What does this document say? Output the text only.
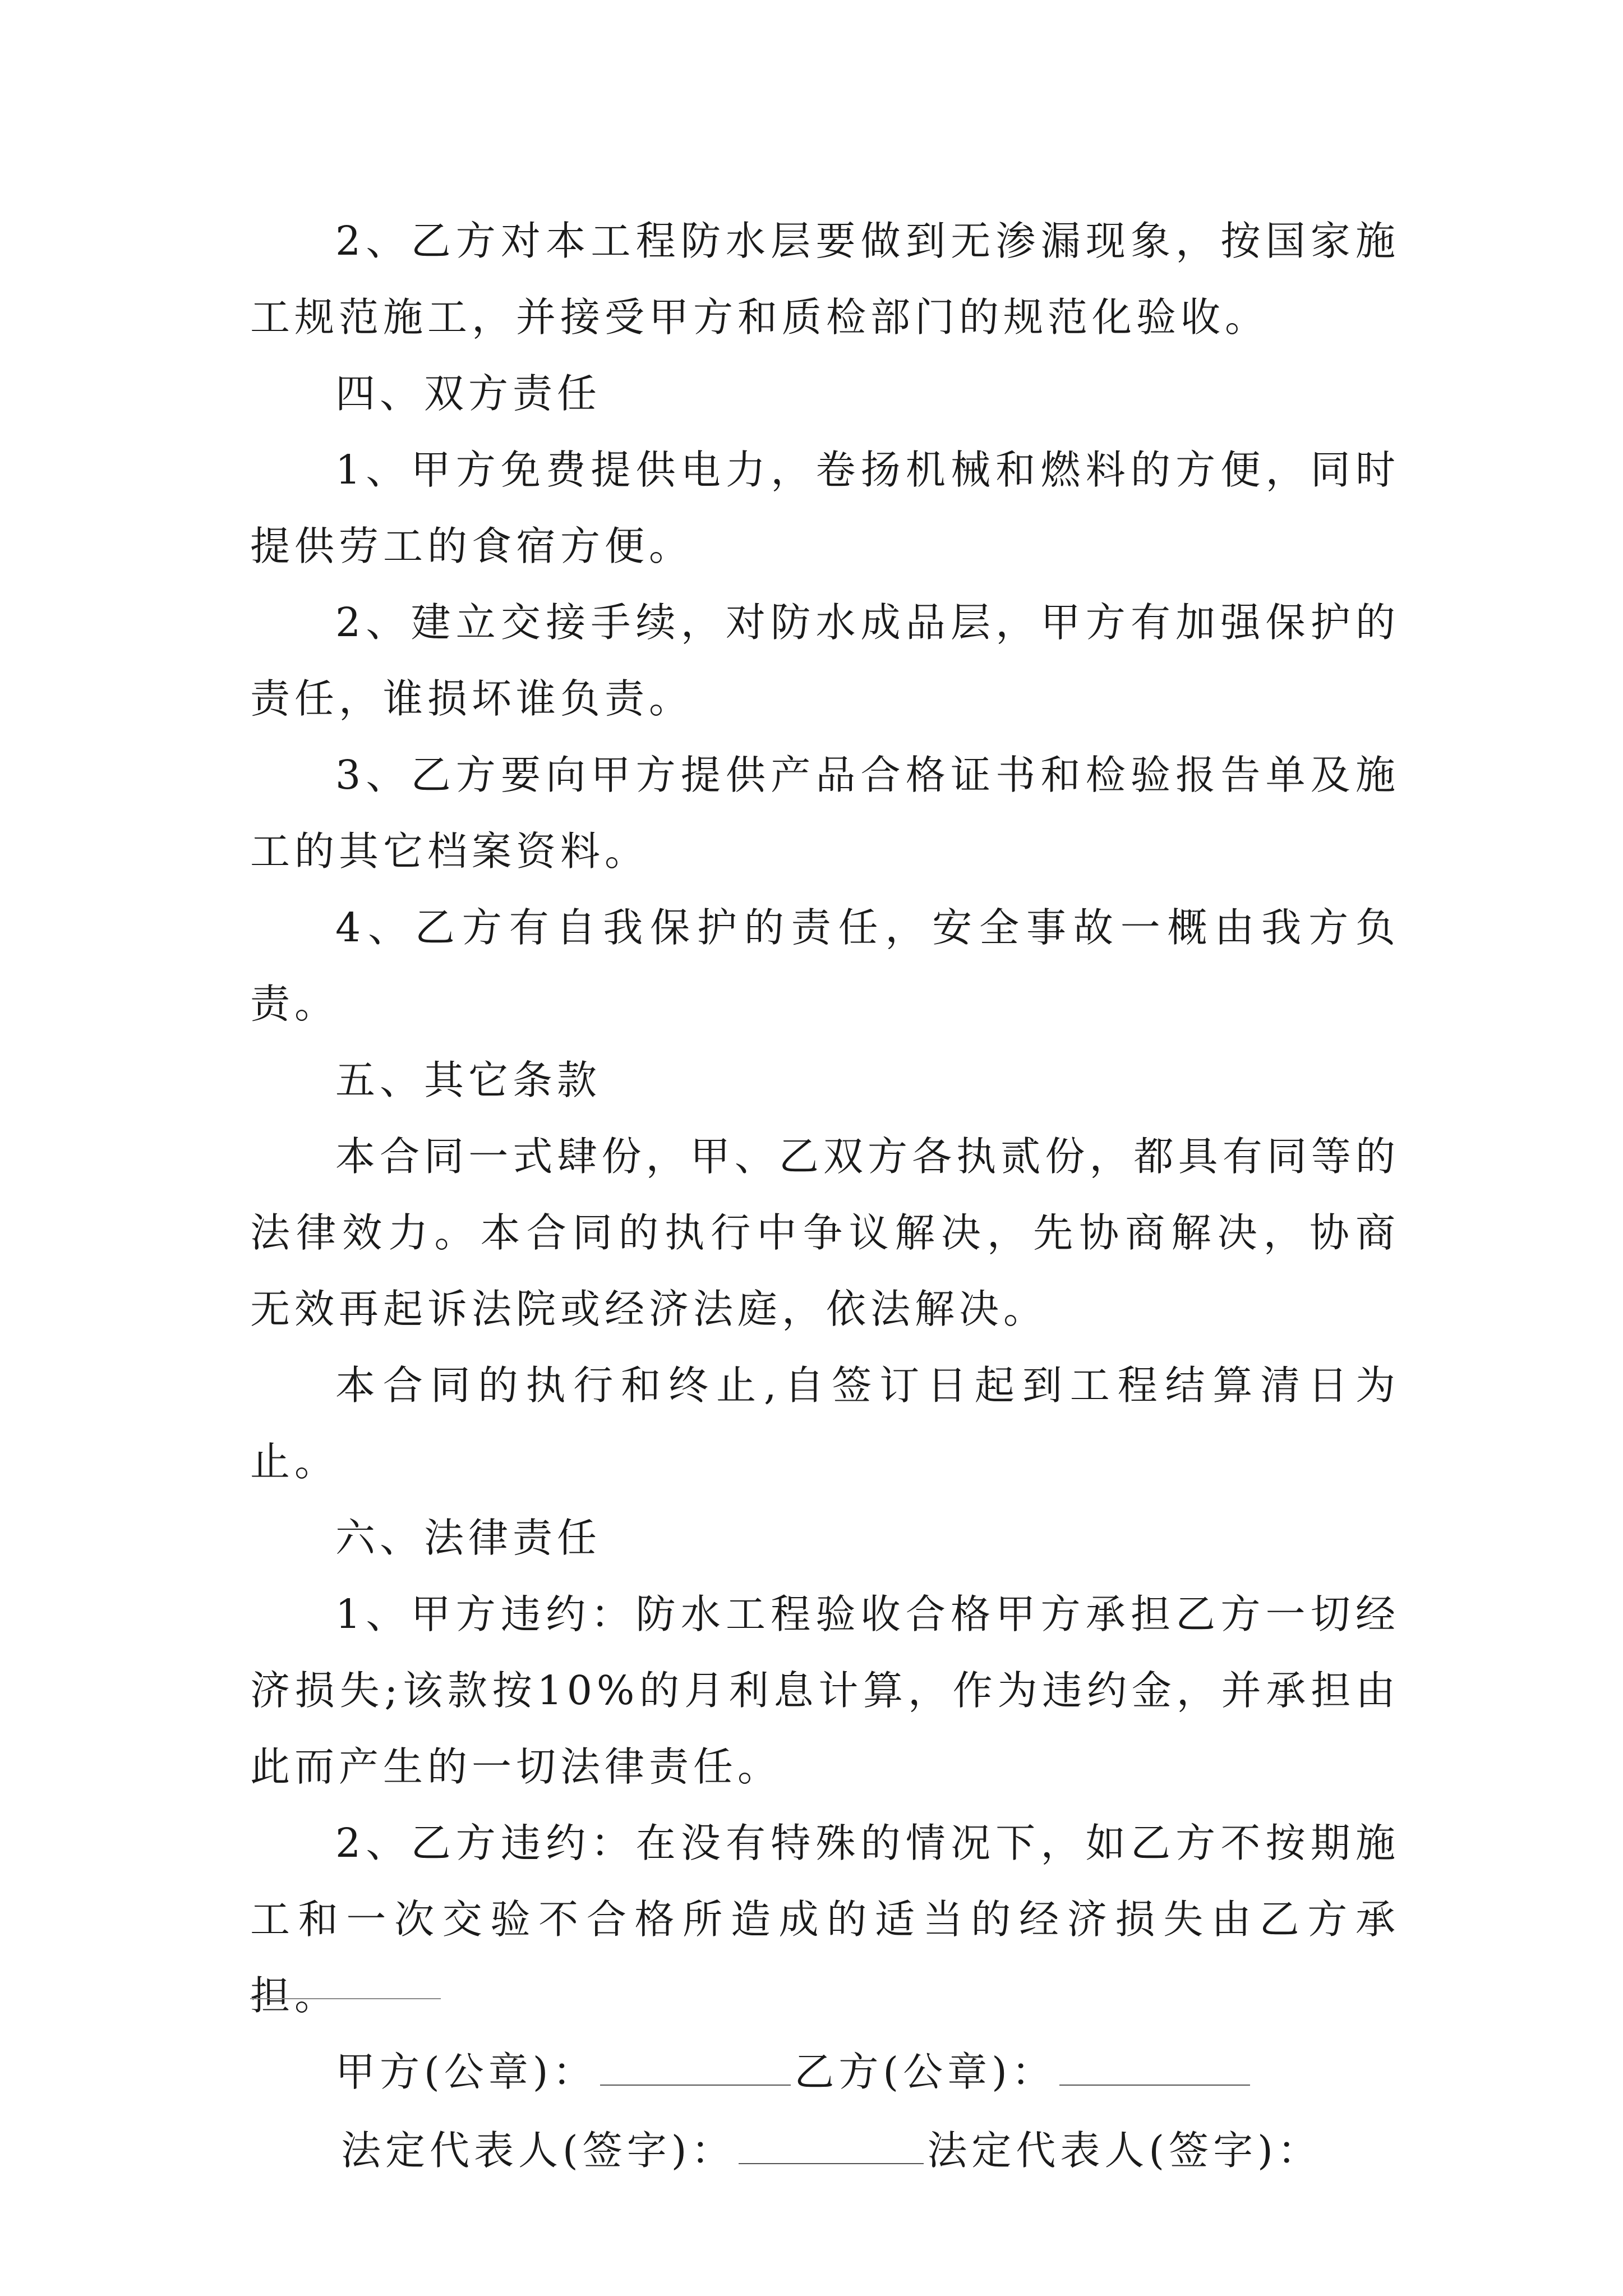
2、乙方对本工程防水层要做到无渗漏现象，按国家施工规范施工，并接受甲方和质检部门的规范化验收。

四、双方责任

1、甲方免费提供电力，卷扬机械和燃料的方便，同时提供劳工的食宿方便。

2、建立交接手续，对防水成品层，甲方有加强保护的责任，谁损坏谁负责。

3、乙方要向甲方提供产品合格证书和检验报告单及施工的其它档案资料。

4、乙方有自我保护的责任，安全事故一概由我方负责。

五、其它条款

本合同一式肆份，甲、乙双方各执贰份，都具有同等的法律效力。本合同的执行中争议解决，先协商解决，协商无效再起诉法院或经济法庭，依法解决。

本合同的执行和终止,自签订日起到工程结算清日为止。

六、法律责任

1、甲方违约：防水工程验收合格甲方承担乙方一切经济损失;该款按10%的月利息计算，作为违约金，并承担由此而产生的一切法律责任。

2、乙方违约：在没有特殊的情况下，如乙方不按期施工和一次交验不合格所造成的适当的经济损失由乙方承担。

甲方(公章)：	乙方(公章)：
法定代表人(签字)：	法定代表人(签字)：
